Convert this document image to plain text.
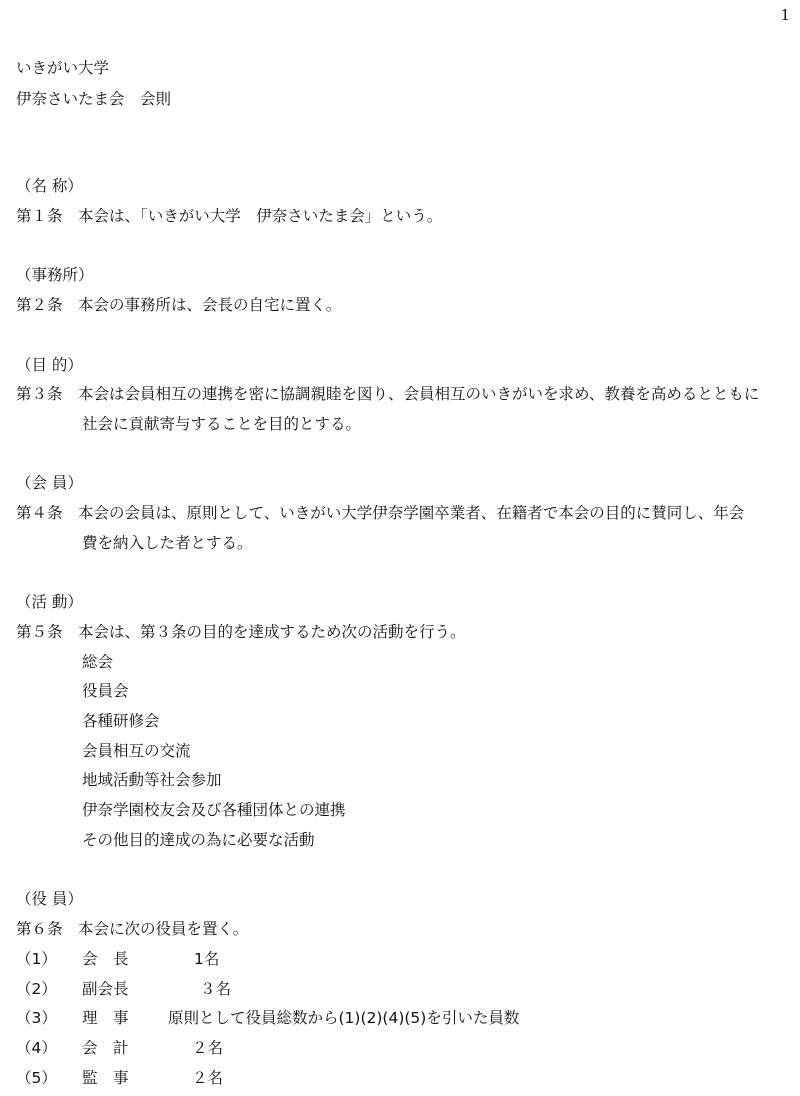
1
いきがい大学
伊奈さいたま会　会則
（名 称）
第１条　本会は、「いきがい大学　伊奈さいたま会」という。
（事務所）
第２条　本会の事務所は、会長の自宅に置く。
（目 的）
第３条　本会は会員相互の連携を密に協調親睦を図り、会員相互のいきがいを求め、教養を高めるとともに
社会に貢献寄与することを目的とする。
（会 員）
第４条　本会の会員は、原則として、いきがい大学伊奈学園卒業者、在籍者で本会の目的に賛同し、年会
費を納入した者とする。
（活 動）
第５条　本会は、第３条の目的を達成するため次の活動を行う。
総会
役員会
各種研修会
会員相互の交流
地域活動等社会参加
伊奈学園校友会及び各種団体との連携
その他目的達成の為に必要な活動
（役 員）
第６条　本会に次の役員を置く。
（1） 会　長	1名
（2） 副会長	３名
（3） 理　事	原則として役員総数から(1)(2)(4)(5)を引いた員数
（4） 会　計	２名
（5） 監　事	２名
